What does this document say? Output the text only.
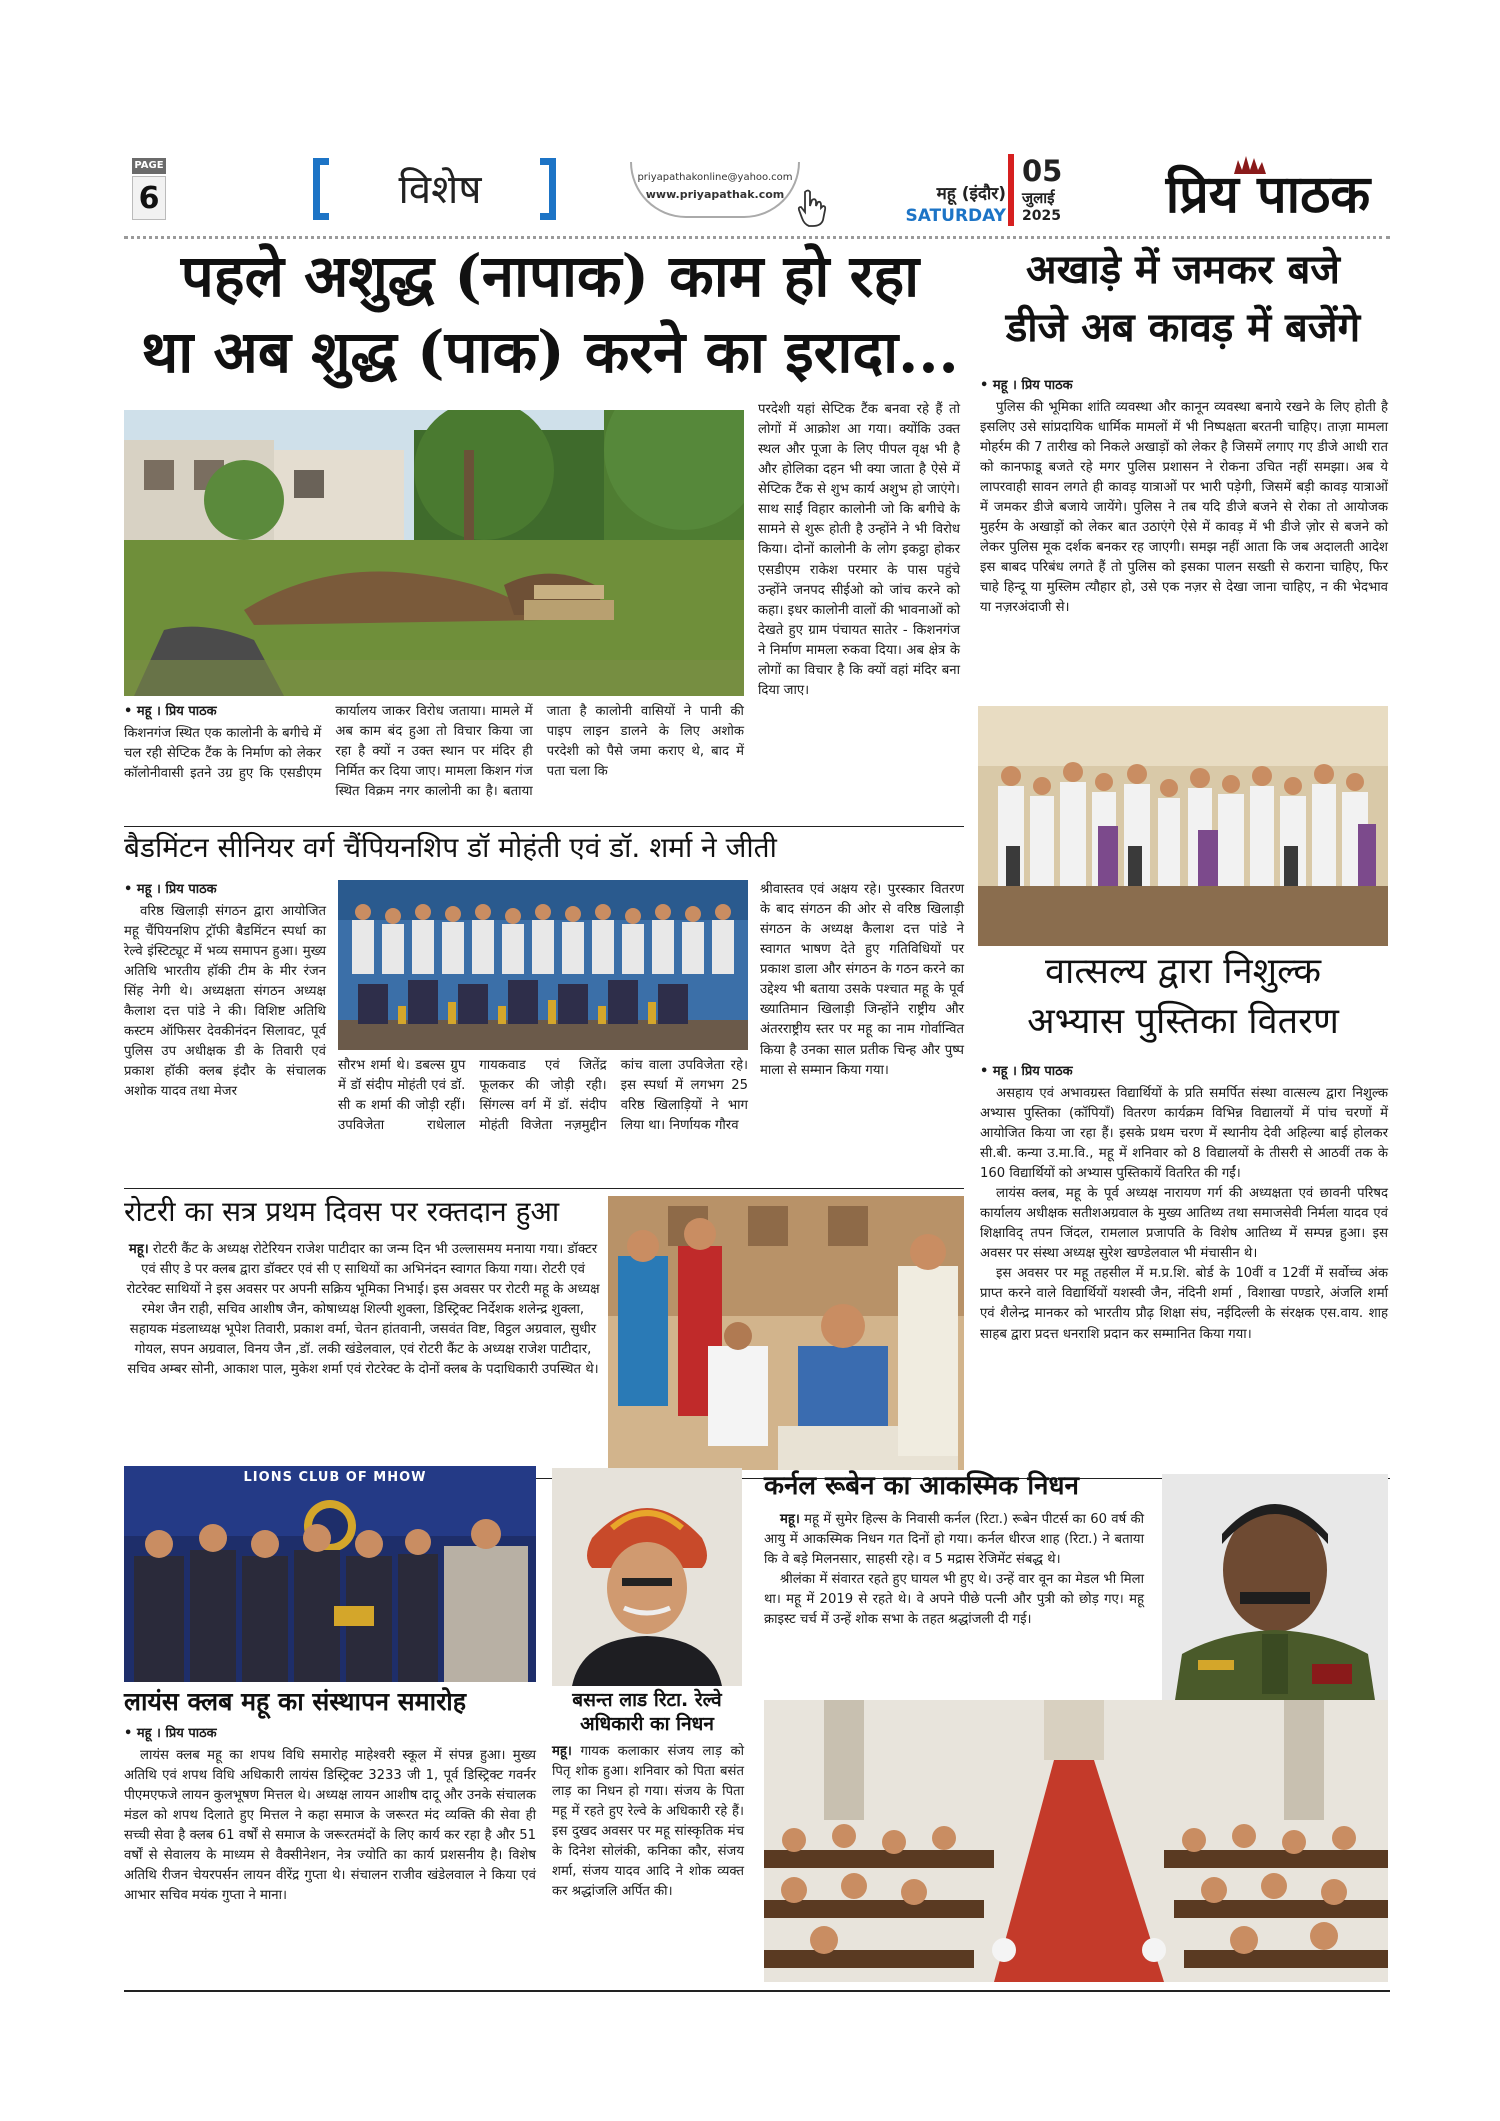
PAGE
6	विशेष	priyapathakonline@yahoo.com
www.priyapathak.com	महू (इंदौर)
SATURDAY
05
जुलाई
2025	प्रिय पाठक
पहले अशुद्ध (नापाक) काम हो रहा
था अब शुद्ध (पाक) करने का इरादा...
• महू । प्रिय पाठक
किशनगंज स्थित एक कालोनी के बगीचे में चल रही सेप्टिक टैंक के निर्माण को लेकर कॉलोनीवासी इतने उग्र हुए कि एसडीएम कार्यालय जाकर विरोध जताया। मामले में अब काम बंद हुआ तो विचार किया जा रहा है क्यों न उक्त स्थान पर मंदिर ही निर्मित कर दिया जाए। मामला किशन गंज स्थित विक्रम नगर कालोनी का है। बताया जाता है कालोनी वासियों ने पानी की पाइप लाइन डालने के लिए अशोक परदेशी को पैसे जमा कराए थे, बाद में पता चला कि
परदेशी यहां सेप्टिक टैंक बनवा रहे हैं तो लोगों में आक्रोश आ गया। क्योंकि उक्त स्थल और पूजा के लिए पीपल वृक्ष भी है और होलिका दहन भी क्या जाता है ऐसे में सेप्टिक टैंक से शुभ कार्य अशुभ हो जाएंगे। साथ साईं विहार कालोनी जो कि बगीचे के सामने से शुरू होती है उन्होंने ने भी विरोध किया। दोनों कालोनी के लोग इकट्ठा होकर एसडीएम राकेश परमार के पास पहुंचे उन्होंने जनपद सीईओ को जांच करने को कहा। इधर कालोनी वालों की भावनाओं को देखते हुए ग्राम पंचायत सातेर - किशनगंज ने निर्माण मामला रुकवा दिया। अब क्षेत्र के लोगों का विचार है कि क्यों वहां मंदिर बना दिया जाए।
अखाड़े में जमकर बजे
डीजे अब कावड़ में बजेंगे
• महू । प्रिय पाठक

पुलिस की भूमिका शांति व्यवस्था और कानून व्यवस्था बनाये रखने के लिए होती है इसलिए उसे सांप्रदायिक धार्मिक मामलों में भी निष्पक्षता बरतनी चाहिए। ताज़ा मामला मोहर्रम की 7 तारीख को निकले अखाड़ों को लेकर है जिसमें लगाए गए डीजे आधी रात को कानफाडू बजते रहे मगर पुलिस प्रशासन ने रोकना उचित नहीं समझा। अब ये लापरवाही सावन लगते ही कावड़ यात्राओं पर भारी पड़ेगी, जिसमें बड़ी कावड़ यात्राओं में जमकर डीजे बजाये जायेंगे। पुलिस ने तब यदि डीजे बजने से रोका तो आयोजक मुहर्रम के अखाड़ों को लेकर बात उठाएंगे ऐसे में कावड़ में भी डीजे ज़ोर से बजने को लेकर पुलिस मूक दर्शक बनकर रह जाएगी। समझ नहीं आता कि जब अदालती आदेश इस बाबद परिबंध लगते हैं तो पुलिस को इसका पालन सख्ती से कराना चाहिए, फिर चाहे हिन्दू या मुस्लिम त्यौहार हो, उसे एक नज़र से देखा जाना चाहिए, न की भेदभाव या नज़रअंदाजी से।

बैडमिंटन सीनियर वर्ग चैंपियनशिप डॉ मोहंती एवं डॉ. शर्मा ने जीती
• महू । प्रिय पाठक

वरिष्ठ खिलाड़ी संगठन द्वारा आयोजित महू चैंपियनशिप ट्रॉफी बैडमिंटन स्पर्धा का रेल्वे इंस्टिट्यूट में भव्य समापन हुआ। मुख्य अतिथि भारतीय हॉकी टीम के मीर रंजन सिंह नेगी थे। अध्यक्षता संगठन अध्यक्ष कैलाश दत्त पांडे ने की। विशिष्ट अतिथि कस्टम ऑफिसर देवकीनंदन सिलावट, पूर्व पुलिस उप अधीक्षक डी के तिवारी एवं प्रकाश हॉकी क्लब इंदौर के संचालक अशोक यादव तथा मेजर

सौरभ शर्मा थे। डबल्स ग्रुप में डॉ संदीप मोहंती एवं डॉ. सी क शर्मा की जोड़ी रहीं। उपविजेता राधेलाल गायकवाड एवं जितेंद्र फूलकर की जोड़ी रही। सिंगल्स वर्ग में डॉ. संदीप मोहंती विजेता नज़मुद्दीन कांच वाला उपविजेता रहे। इस स्पर्धा में लगभग 25 वरिष्ठ खिलाड़ियों ने भाग लिया था। निर्णायक गौरव
श्रीवास्तव एवं अक्षय रहे। पुरस्कार वितरण के बाद संगठन की ओर से वरिष्ठ खिलाड़ी संगठन के अध्यक्ष कैलाश दत्त पांडे ने स्वागत भाषण देते हुए गतिविधियों पर प्रकाश डाला और संगठन के गठन करने का उद्देश्य भी बताया उसके पश्चात महू के पूर्व ख्यातिमान खिलाड़ी जिन्होंने राष्ट्रीय और अंतरराष्ट्रीय स्तर पर महू का नाम गोर्वान्वित किया है उनका साल प्रतीक चिन्ह और पुष्प माला से सम्मान किया गया।
वात्सल्य द्वारा निशुल्क
अभ्यास पुस्तिका वितरण
• महू । प्रिय पाठक

असहाय एवं अभावग्रस्त विद्यार्थियों के प्रति समर्पित संस्था वात्सल्य द्वारा निशुल्क अभ्यास पुस्तिका (कॉपियाँ) वितरण कार्यक्रम विभिन्न विद्यालयों में पांच चरणों में आयोजित किया जा रहा हैं। इसके प्रथम चरण में स्थानीय देवी अहिल्या बाई होलकर सी.बी. कन्या उ.मा.वि., महू में शनिवार को 8 विद्यालयों के तीसरी से आठवीं तक के 160 विद्यार्थियों को अभ्यास पुस्तिकायें वितरित की गईं।

लायंस क्लब, महू के पूर्व अध्यक्ष नारायण गर्ग की अध्यक्षता एवं छावनी परिषद कार्यालय अधीक्षक सतीशअग्रवाल के मुख्य आतिथ्य तथा समाजसेवी निर्मला यादव एवं शिक्षाविद् तपन जिंदल, रामलाल प्रजापति के विशेष आतिथ्य में सम्पन्न हुआ। इस अवसर पर संस्था अध्यक्ष सुरेश खण्डेलवाल भी मंचासीन थे।

इस अवसर पर महू तहसील में म.प्र.शि. बोर्ड के 10वीं व 12वीं में सर्वोच्च अंक प्राप्त करने वाले विद्यार्थियों यशस्वी जैन, नंदिनी शर्मा , विशाखा पण्डारे, अंजलि शर्मा एवं शैलेन्द्र मानकर को भारतीय प्रौढ़ शिक्षा संघ, नईदिल्ली के संरक्षक एस.वाय. शाह साहब द्वारा प्रदत्त धनराशि प्रदान कर सम्मानित किया गया।

रोटरी का सत्र प्रथम दिवस पर रक्तदान हुआ
महू। रोटरी कैंट के अध्यक्ष रोटेरियन राजेश पाटीदार का जन्म दिन भी उल्लासमय मनाया गया। डॉक्टर एवं सीए डे पर क्लब द्वारा डॉक्टर एवं सी ए साथियों का अभिनंदन स्वागत किया गया। रोटरी एवं रोटरेक्ट साथियों ने इस अवसर पर अपनी सक्रिय भूमिका निभाई। इस अवसर पर रोटरी महू के अध्यक्ष रमेश जैन राही, सचिव आशीष जैन, कोषाध्यक्ष शिल्पी शुक्ला, डिस्ट्रिक्ट निर्देशक शलेन्द्र शुक्ला, सहायक मंडलाध्यक्ष भूपेश तिवारी, प्रकाश वर्मा, चेतन हांतवानी, जसवंत विष्ट, विट्ठल अग्रवाल, सुधीर गोयल, सपन अग्रवाल, विनय जैन ,डॉ. लकी खंडेलवाल, एवं रोटरी कैंट के अध्यक्ष राजेश पाटीदार, सचिव अम्बर सोनी, आकाश पाल, मुकेश शर्मा एवं रोटरेक्ट के दोनों क्लब के पदाधिकारी उपस्थित थे।
LIONS CLUB OF MHOW
लायंस क्लब महू का संस्थापन समारोह
• महू । प्रिय पाठक

लायंस क्लब महू का शपथ विधि समारोह माहेश्वरी स्कूल में संपन्न हुआ। मुख्य अतिथि एवं शपथ विधि अधिकारी लायंस डिस्ट्रिक्ट 3233 जी 1, पूर्व डिस्ट्रिक्ट गवर्नर पीएमएफजे लायन कुलभूषण मित्तल थे। अध्यक्ष लायन आशीष दादू और उनके संचालक मंडल को शपथ दिलाते हुए मित्तल ने कहा समाज के जरूरत मंद व्यक्ति की सेवा ही सच्ची सेवा है क्लब 61 वर्षों से समाज के जरूरतमंदों के लिए कार्य कर रहा है और 51 वर्षों से सेवालय के माध्यम से वैक्सीनेशन, नेत्र ज्योति का कार्य प्रशसनीय है। विशेष अतिथि रीजन चेयरपर्सन लायन वीरेंद्र गुप्ता थे। संचालन राजीव खंडेलवाल ने किया एवं आभार सचिव मयंक गुप्ता ने माना।

बसन्त लाड रिटा. रेल्वे
अधिकारी का निधन
महू। गायक कलाकार संजय लाड़ को पितृ शोक हुआ। शनिवार को पिता बसंत लाड़ का निधन हो गया। संजय के पिता महू में रहते हुए रेल्वे के अधिकारी रहे हैं। इस दुखद अवसर पर महू सांस्कृतिक मंच के दिनेश सोलंकी, कनिका कौर, संजय शर्मा, संजय यादव आदि ने शोक व्यक्त कर श्रद्धांजलि अर्पित की।
कर्नल रूबेन का आकस्मिक निधन

महू। महू में सुमेर हिल्स के निवासी कर्नल (रिटा.) रूबेन पीटर्स का 60 वर्ष की आयु में आकस्मिक निधन गत दिनों हो गया। कर्नल धीरज शाह (रिटा.) ने बताया कि वे बड़े मिलनसार, साहसी रहे। व 5 मद्रास रेजिमेंट संबद्ध थे।

श्रीलंका में संवारत रहते हुए घायल भी हुए थे। उन्हें वार वून का मेडल भी मिला था। महू में 2019 से रहते थे। वे अपने पीछे पत्नी और पुत्री को छोड़ गए। महू क्राइस्ट चर्च में उन्हें शोक सभा के तहत श्रद्धांजली दी गई।
